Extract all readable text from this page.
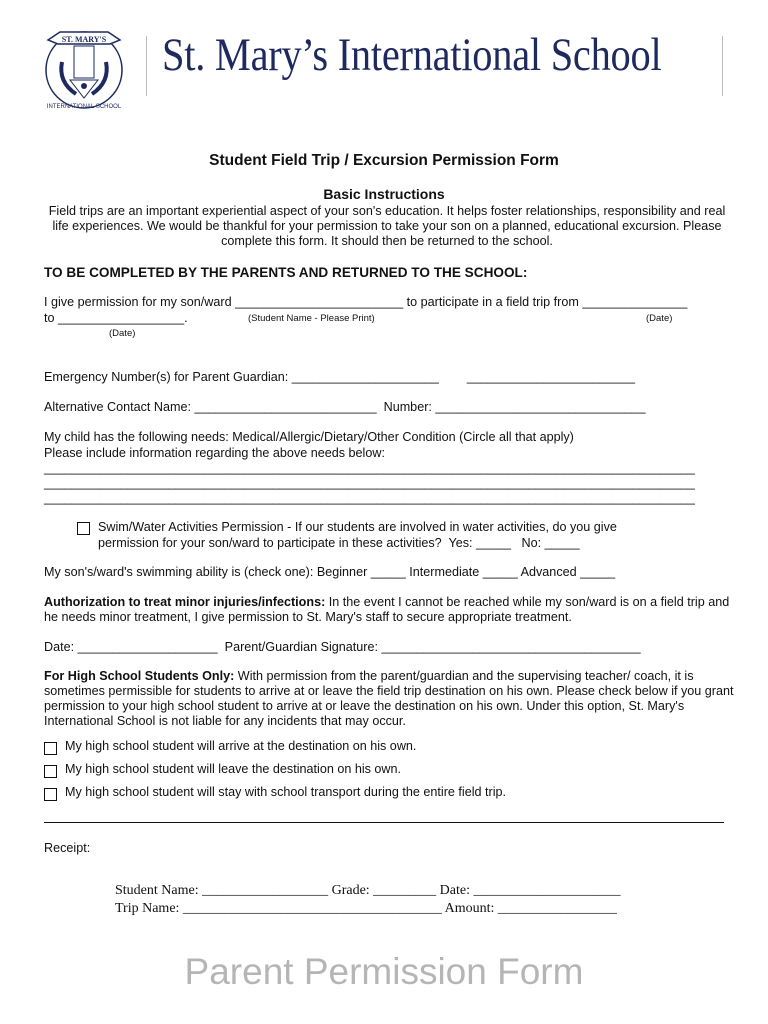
ST. MARY'S
INTERNATIONAL SCHOOL
St. Mary’s International School
Student Field Trip / Excursion Permission Form
Basic Instructions
Field trips are an important experiential aspect of your son's education. It helps foster relationships, responsibility and real life experiences. We would be thankful for your permission to take your son on a planned, educational excursion. Please complete this form. It should then be returned to the school.
TO BE COMPLETED BY THE PARENTS AND RETURNED TO THE SCHOOL:
I give permission for my son/ward ________________________ to participate in a field trip from _______________
to __________________.	(Student Name - Please Print)	(Date)
(Date)
Emergency Number(s) for Parent Guardian: _____________________        ________________________
Alternative Contact Name: __________________________  Number: ______________________________
My child has the following needs: Medical/Allergic/Dietary/Other Condition (Circle all that apply)
Please include information regarding the above needs below:
______________________________________________________________________________________________
______________________________________________________________________________________________
______________________________________________________________________________________________
Swim/Water Activities Permission - If our students are involved in water activities, do you give
permission for your son/ward to participate in these activities?  Yes: _____   No: _____
My son's/ward's swimming ability is (check one): Beginner _____ Intermediate _____ Advanced _____
Authorization to treat minor injuries/infections: In the event I cannot be reached while my son/ward is on a field trip and he needs minor treatment, I give permission to St. Mary's staff to secure appropriate treatment.
Date: ____________________  Parent/Guardian Signature: _____________________________________
For High School Students Only: With permission from the parent/guardian and the supervising teacher/ coach, it is sometimes permissible for students to arrive at or leave the field trip destination on his own. Please check below if you grant permission to your high school student to arrive at or leave the destination on his own. Under this option, St. Mary's International School is not liable for any incidents that may occur.
My high school student will arrive at the destination on his own.
My high school student will leave the destination on his own.
My high school student will stay with school transport during the entire field trip.
Receipt:
Student Name: __________________ Grade: _________ Date: _____________________
Trip Name: _____________________________________ Amount: _________________
Parent Permission Form
